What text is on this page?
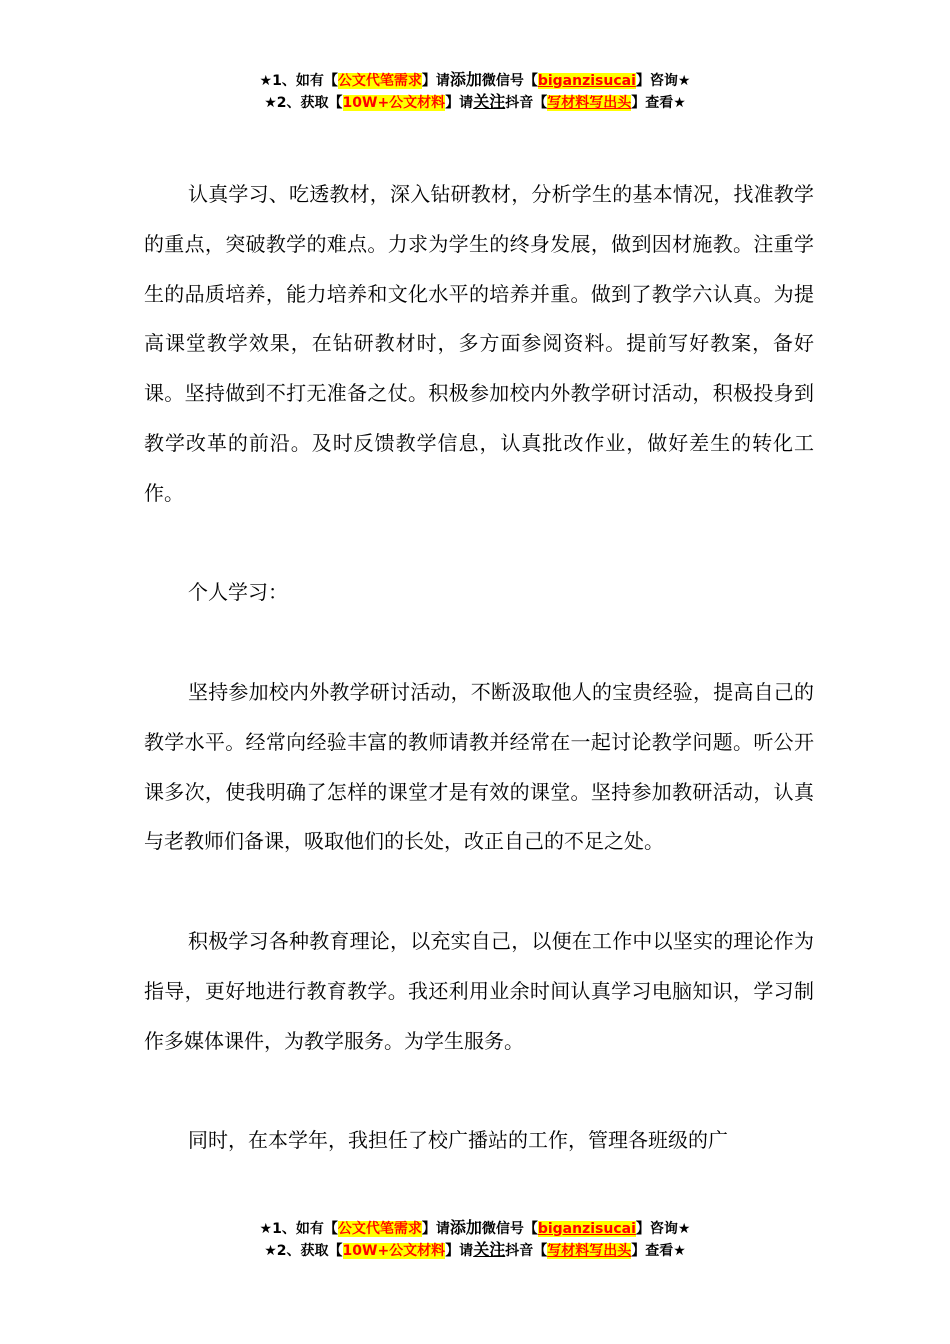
★1、如有【公文代笔需求】请添加微信号【biganzisucai】咨询★
★2、获取【10W+公文材料】请关注抖音【写材料写出头】查看★

认真学习、吃透教材，深入钻研教材，分析学生的基本情况，找准教学的重点，突破教学的难点。力求为学生的终身发展，做到因材施教。注重学生的品质培养，能力培养和文化水平的培养并重。做到了教学六认真。为提高课堂教学效果，在钻研教材时，多方面参阅资料。提前写好教案，备好课。坚持做到不打无准备之仗。积极参加校内外教学研讨活动，积极投身到教学改革的前沿。及时反馈教学信息，认真批改作业，做好差生的转化工作。

个人学习：

坚持参加校内外教学研讨活动，不断汲取他人的宝贵经验，提高自己的教学水平。经常向经验丰富的教师请教并经常在一起讨论教学问题。听公开课多次，使我明确了怎样的课堂才是有效的课堂。坚持参加教研活动，认真与老教师们备课，吸取他们的长处，改正自己的不足之处。

积极学习各种教育理论，以充实自己，以便在工作中以坚实的理论作为指导，更好地进行教育教学。我还利用业余时间认真学习电脑知识，学习制作多媒体课件，为教学服务。为学生服务。

同时，在本学年，我担任了校广播站的工作，管理各班级的广

★1、如有【公文代笔需求】请添加微信号【biganzisucai】咨询★
★2、获取【10W+公文材料】请关注抖音【写材料写出头】查看★
